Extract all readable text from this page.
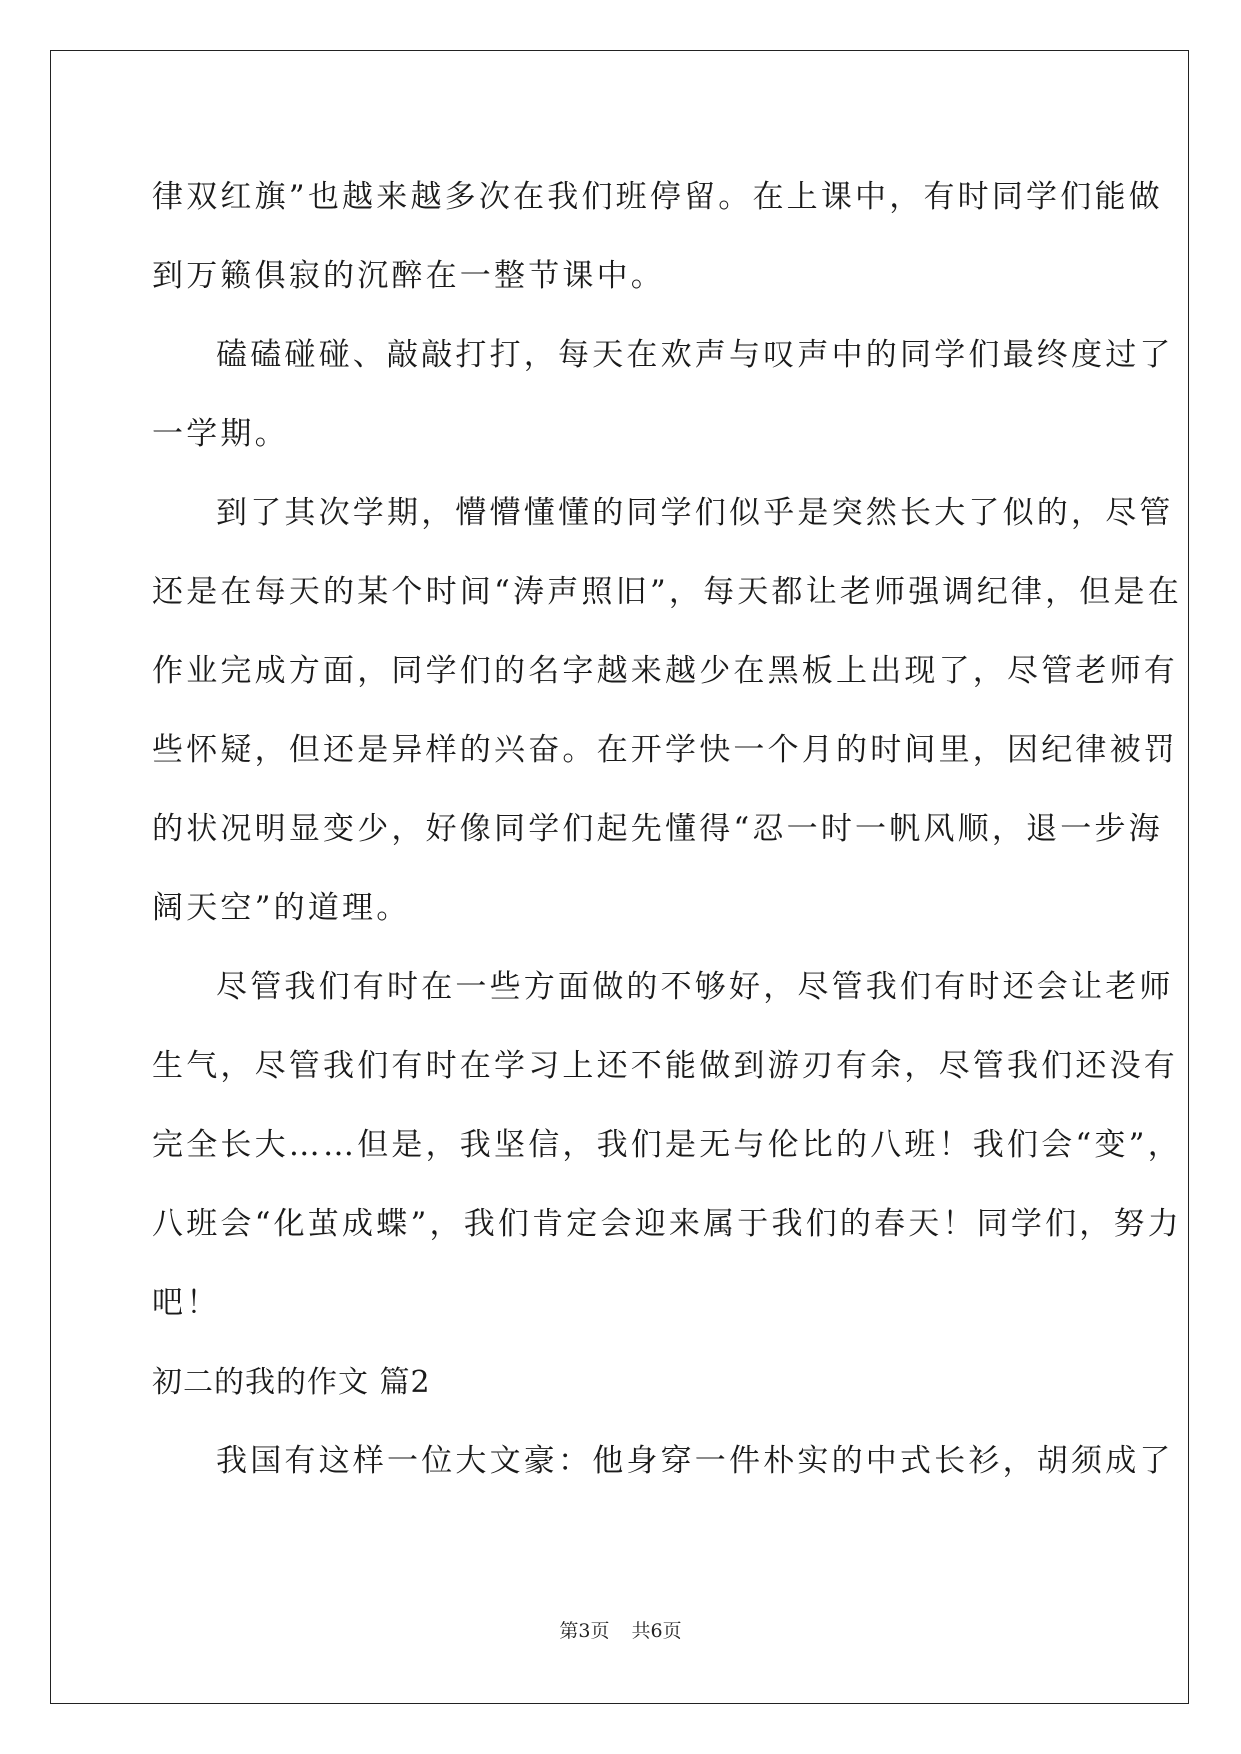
律双红旗”也越来越多次在我们班停留。在上课中，有时同学们能做
到万籁俱寂的沉醉在一整节课中。
磕磕碰碰、敲敲打打，每天在欢声与叹声中的同学们最终度过了
一学期。
到了其次学期，懵懵懂懂的同学们似乎是突然长大了似的，尽管
还是在每天的某个时间“涛声照旧”，每天都让老师强调纪律，但是在
作业完成方面，同学们的名字越来越少在黑板上出现了，尽管老师有
些怀疑，但还是异样的兴奋。在开学快一个月的时间里，因纪律被罚
的状况明显变少，好像同学们起先懂得“忍一时一帆风顺，退一步海
阔天空”的道理。
尽管我们有时在一些方面做的不够好，尽管我们有时还会让老师
生气，尽管我们有时在学习上还不能做到游刃有余，尽管我们还没有
完全长大……但是，我坚信，我们是无与伦比的八班！我们会“变”，
八班会“化茧成蝶”，我们肯定会迎来属于我们的春天！同学们，努力
吧！
初二的我的作文 篇2
我国有这样一位大文豪：他身穿一件朴实的中式长衫，胡须成了
第3页 共6页
